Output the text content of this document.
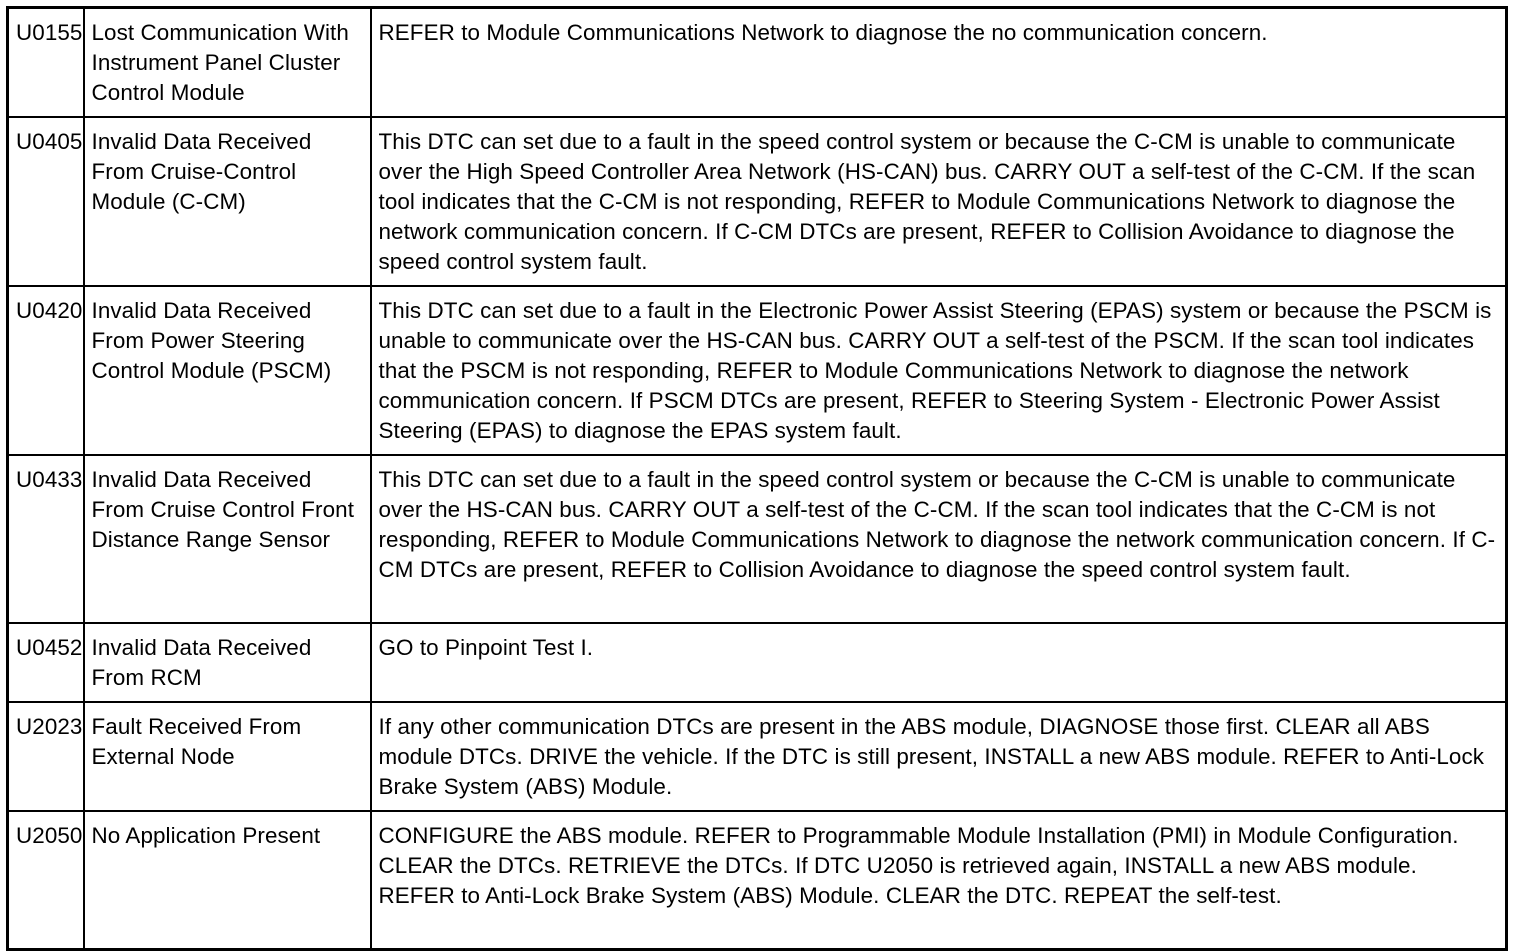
U0155	Lost Communication With Instrument Panel Cluster Control Module	REFER to Module Communications Network to diagnose the no communication concern.
U0405	Invalid Data Received From Cruise-Control Module (C-CM)	This DTC can set due to a fault in the speed control system or because the C-CM is unable to communicate over the High Speed Controller Area Network (HS-CAN) bus. CARRY OUT a self-test of the C-CM. If the scan tool indicates that the C-CM is not responding, REFER to Module Communications Network to diagnose the network communication concern. If C-CM DTCs are present, REFER to Collision Avoidance to diagnose the speed control system fault.
U0420	Invalid Data Received From Power Steering Control Module (PSCM)	This DTC can set due to a fault in the Electronic Power Assist Steering (EPAS) system or because the PSCM is unable to communicate over the HS-CAN bus. CARRY OUT a self-test of the PSCM. If the scan tool indicates that the PSCM is not responding, REFER to Module Communications Network to diagnose the network communication concern. If PSCM DTCs are present, REFER to Steering System - Electronic Power Assist Steering (EPAS) to diagnose the EPAS system fault.
U0433	Invalid Data Received From Cruise Control Front Distance Range Sensor	This DTC can set due to a fault in the speed control system or because the C-CM is unable to communicate over the HS-CAN bus. CARRY OUT a self-test of the C-CM. If the scan tool indicates that the C-CM is not responding, REFER to Module Communications Network to diagnose the network communication concern. If C-CM DTCs are present, REFER to Collision Avoidance to diagnose the speed control system fault.
U0452	Invalid Data Received From RCM	GO to Pinpoint Test I.
U2023	Fault Received From External Node	If any other communication DTCs are present in the ABS module, DIAGNOSE those first. CLEAR all ABS module DTCs. DRIVE the vehicle. If the DTC is still present, INSTALL a new ABS module. REFER to Anti-Lock Brake System (ABS) Module.
U2050	No Application Present	CONFIGURE the ABS module. REFER to Programmable Module Installation (PMI) in Module Configuration. CLEAR the DTCs. RETRIEVE the DTCs. If DTC U2050 is retrieved again, INSTALL a new ABS module. REFER to Anti-Lock Brake System (ABS) Module. CLEAR the DTC. REPEAT the self-test.
